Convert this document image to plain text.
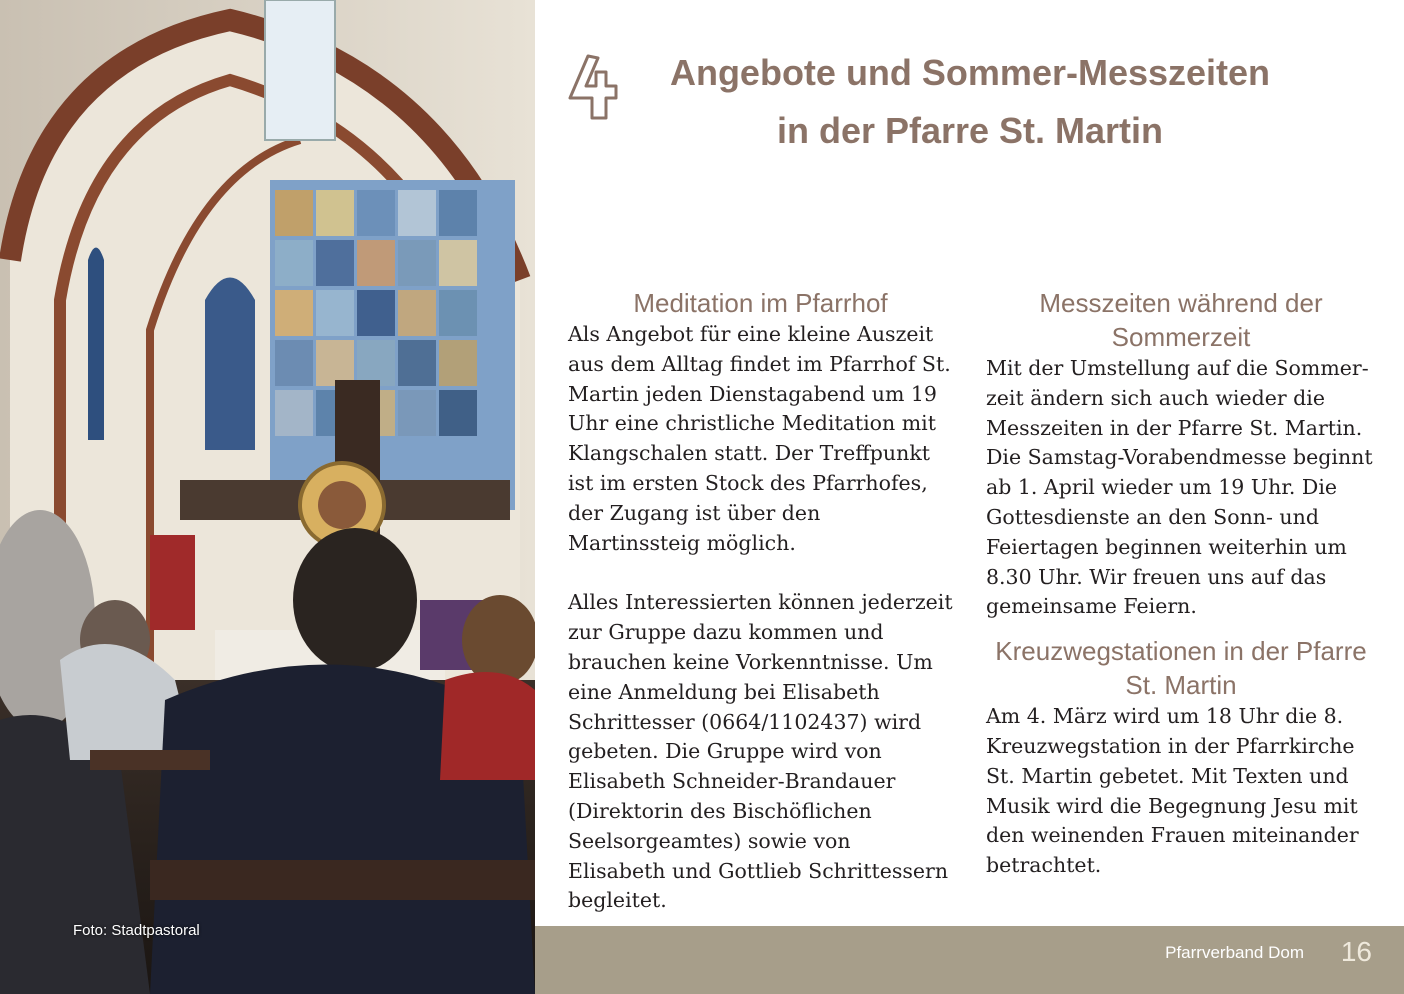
Foto: Stadtpastoral
Angebote und Sommer-Messzeiten
in der Pfarre St. Martin
Meditation im Pfarrhof

Als Angebot für eine kleine Auszeit aus dem Alltag findet im Pfarrhof St. Martin jeden Dienstagabend um 19 Uhr eine christliche Meditation mit Klangschalen statt. Der Treffpunkt ist im ersten Stock des Pfarrhofes, der Zugang ist über den Martinssteig möglich.

Alles Interessierten können jederzeit zur Gruppe dazu kommen und brauchen keine Vorkenntnisse. Um eine Anmeldung bei Elisabeth Schrittesser (0664/1102437) wird gebeten. Die Gruppe wird von Elisabeth Schneider-Brandauer (Direktorin des Bischöflichen Seelsorgeamtes) sowie von Elisabeth und Gottlieb Schrittessern begleitet.

Messzeiten während der Sommerzeit

Mit der Umstellung auf die Sommerzeit ändern sich auch wieder die Messzeiten in der Pfarre St. Martin. Die Samstag-Vorabendmesse beginnt ab 1. April wieder um 19 Uhr. Die Gottesdienste an den Sonn- und Feiertagen beginnen weiterhin um 8.30 Uhr. Wir freuen uns auf das gemeinsame Feiern.

Kreuzwegstationen in der Pfarre St. Martin

Am 4. März wird um 18 Uhr die 8. Kreuzwegstation in der Pfarrkirche St. Martin gebetet. Mit Texten und Musik wird die Begegnung Jesu mit den weinenden Frauen miteinander betrachtet.

Pfarrverband Dom 16
